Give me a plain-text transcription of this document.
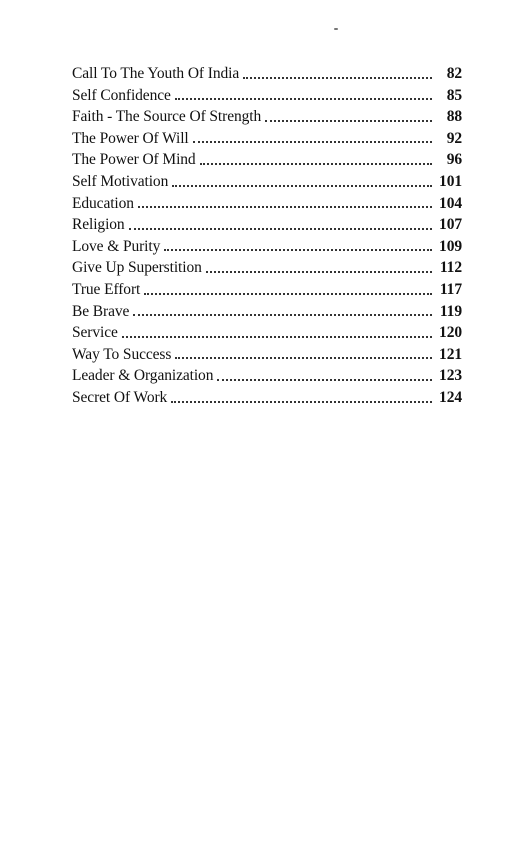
Call To The Youth Of India	82
Self Confidence	85
Faith - The Source Of Strength	88
The Power Of Will	92
The Power Of Mind	96
Self Motivation	101
Education	104
Religion	107
Love & Purity	109
Give Up Superstition	112
True Effort	117
Be Brave	119
Service	120
Way To Success	121
Leader & Organization	123
Secret Of Work	124
